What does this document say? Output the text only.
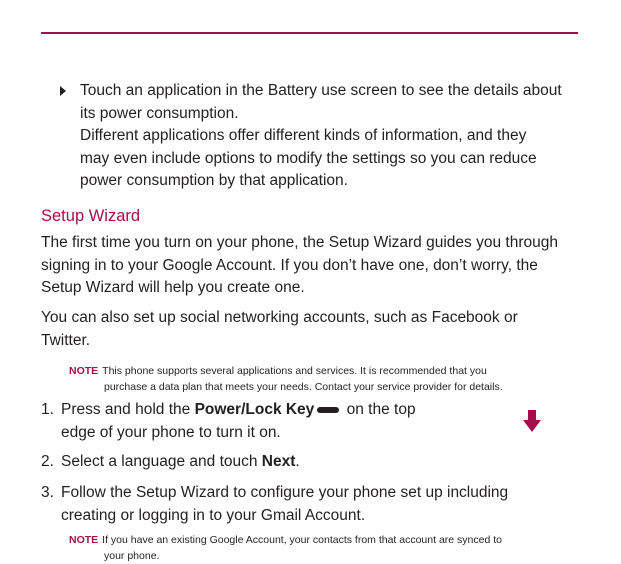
Touch an application in the Battery use screen to see the details about
its power consumption.
Different applications offer different kinds of information, and they
may even include options to modify the settings so you can reduce
power consumption by that application.
Setup Wizard
The first time you turn on your phone, the Setup Wizard guides you through
signing in to your Google Account. If you don’t have one, don’t worry, the
Setup Wizard will help you create one.
You can also set up social networking accounts, such as Facebook or
Twitter.
NOTE This phone supports several applications and services. It is recommended that you
purchase a data plan that meets your needs. Contact your service provider for details.
1. Press and hold the Power/Lock Key on the top
edge of your phone to turn it on.
2. Select a language and touch Next.
3. Follow the Setup Wizard to configure your phone set up including
creating or logging in to your Gmail Account.
NOTE If you have an existing Google Account, your contacts from that account are synced to
your phone.
